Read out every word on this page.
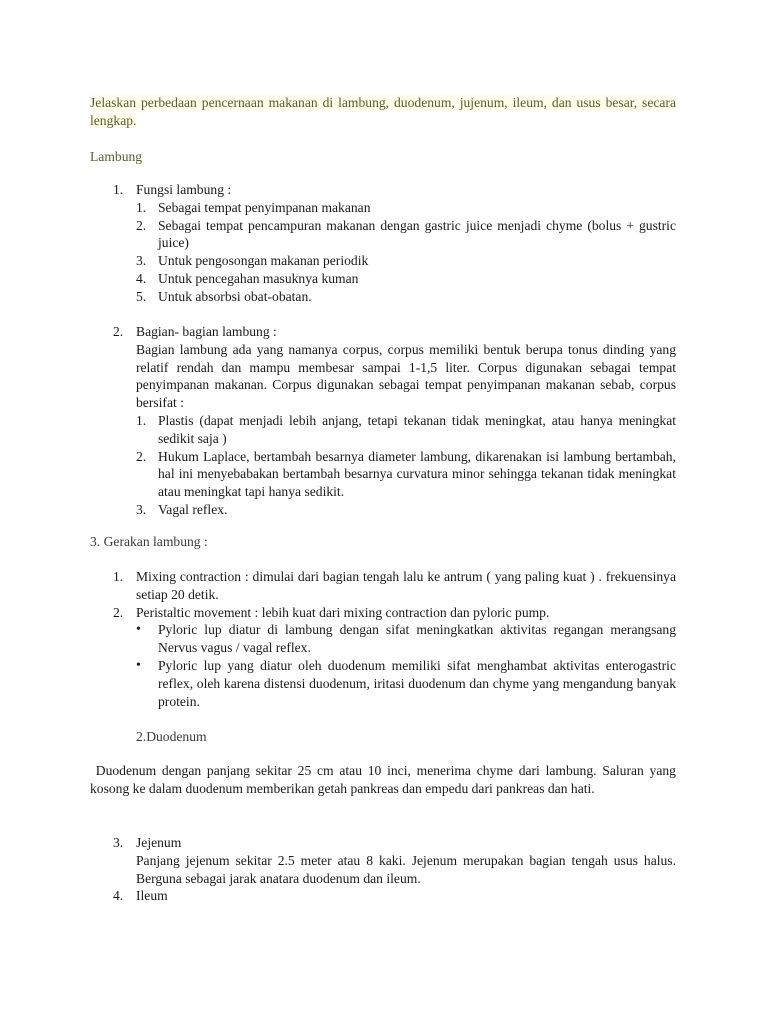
Jelaskan perbedaan pencernaan makanan di lambung, duodenum, jujenum, ileum, dan usus besar, secara lengkap.

Lambung

1. Fungsi lambung :
1. Sebagai tempat penyimpanan makanan
2. Sebagai tempat pencampuran makanan dengan gastric juice menjadi chyme (bolus + gustric juice)
3. Untuk pengosongan makanan periodik
4. Untuk pencegahan masuknya kuman
5. Untuk absorbsi obat-obatan.
2. Bagian- bagian lambung :
Bagian lambung ada yang namanya corpus, corpus memiliki bentuk berupa tonus dinding yang relatif rendah dan mampu membesar sampai 1-1,5 liter. Corpus digunakan sebagai tempat penyimpanan makanan. Corpus digunakan sebagai tempat penyimpanan makanan sebab, corpus bersifat :
1. Plastis (dapat menjadi lebih anjang, tetapi tekanan tidak meningkat, atau hanya meningkat sedikit saja )
2. Hukum Laplace, bertambah besarnya diameter lambung, dikarenakan isi lambung bertambah, hal ini menyebabakan bertambah besarnya curvatura minor sehingga tekanan tidak meningkat atau meningkat tapi hanya sedikit.
3. Vagal reflex.

3. Gerakan lambung :

1. Mixing contraction : dimulai dari bagian tengah lalu ke antrum ( yang paling kuat ) . frekuensinya setiap 20 detik.
2. Peristaltic movement : lebih kuat dari mixing contraction dan pyloric pump.
• Pyloric lup diatur di lambung dengan sifat meningkatkan aktivitas regangan merangsang Nervus vagus / vagal reflex.
• Pyloric lup yang diatur oleh duodenum memiliki sifat menghambat aktivitas enterogastric reflex, oleh karena distensi duodenum, iritasi duodenum dan chyme yang mengandung banyak protein.

2.Duodenum

Duodenum dengan panjang sekitar 25 cm atau 10 inci, menerima chyme dari lambung. Saluran yang kosong ke dalam duodenum memberikan getah pankreas dan empedu dari pankreas dan hati.

3. Jejenum
Panjang jejenum sekitar 2.5 meter atau 8 kaki. Jejenum merupakan bagian tengah usus halus. Berguna sebagai jarak anatara duodenum dan ileum.
4. Ileum
